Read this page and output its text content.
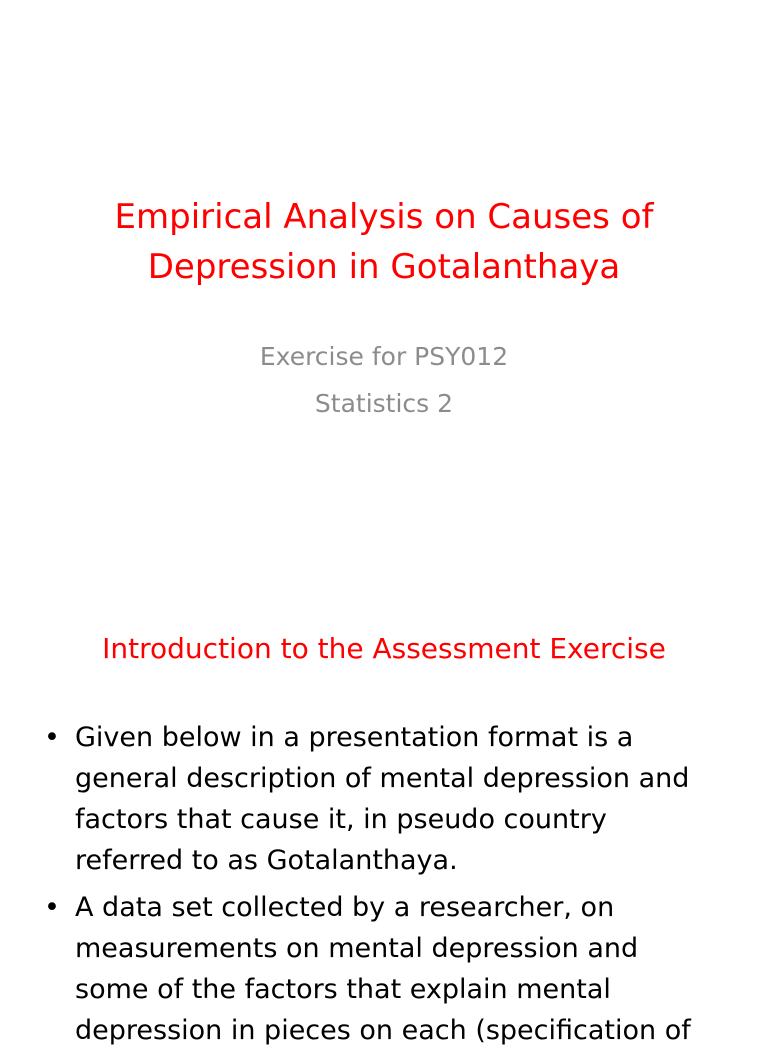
Empirical Analysis on Causes of
Depression in Gotalanthaya
Exercise for PSY012
Statistics 2
Introduction to the Assessment Exercise
• Given below in a presentation format is a
general description of mental depression and
factors that cause it, in pseudo country
referred to as Gotalanthaya.
• A data set collected by a researcher, on
measurements on mental depression and
some of the factors that explain mental
depression in pieces on each (specification of
